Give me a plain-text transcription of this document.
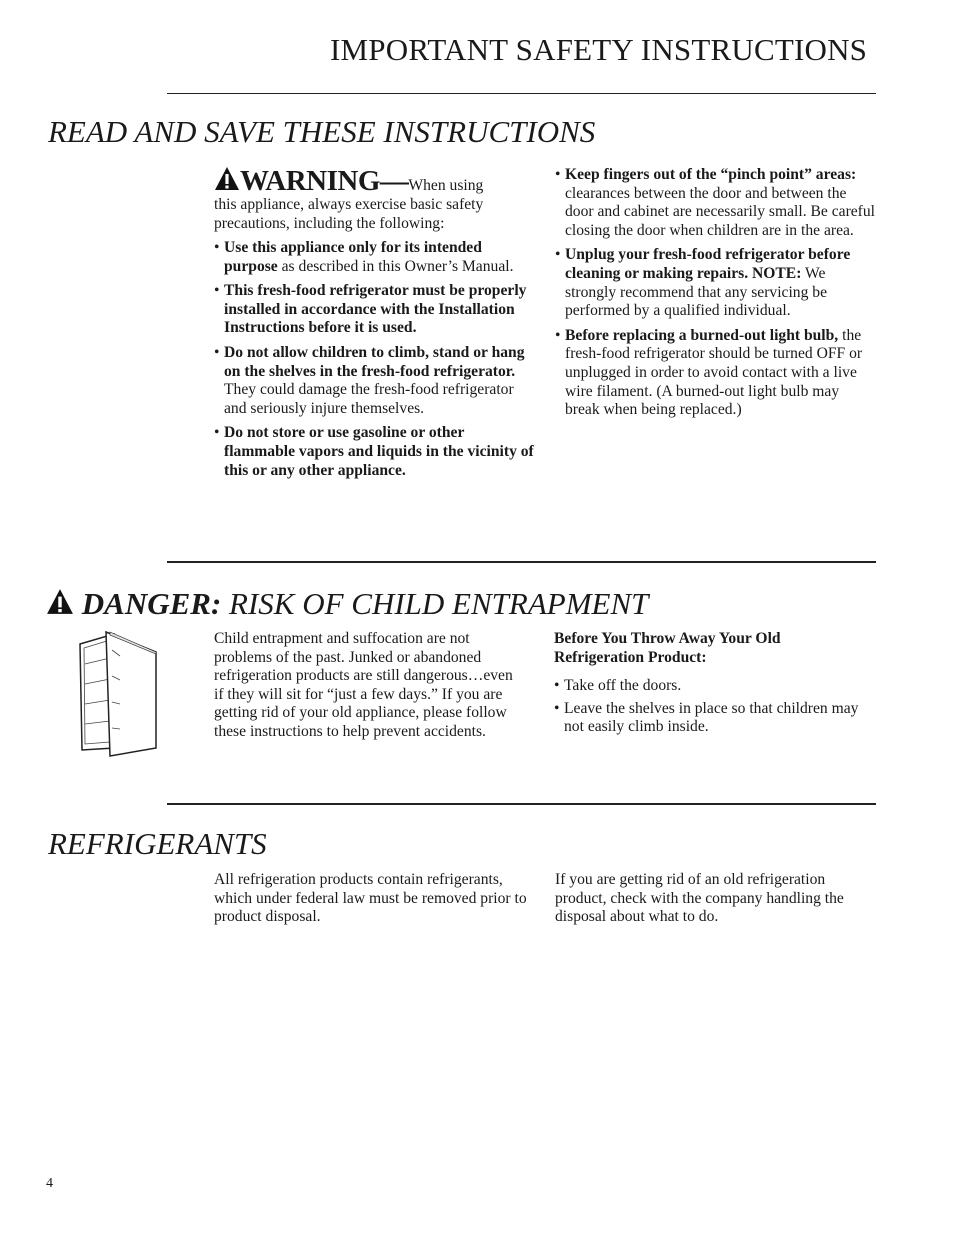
IMPORTANT SAFETY INSTRUCTIONS
READ AND SAVE THESE INSTRUCTIONS

WARNING—When using
this appliance, always exercise basic safety precautions, including the following:

• Use this appliance only for its intended purpose as described in this Owner’s Manual.
• This fresh-food refrigerator must be properly installed in accordance with the Installation Instructions before it is used.
• Do not allow children to climb, stand or hang on the shelves in the fresh-food refrigerator. They could damage the fresh-food refrigerator and seriously injure themselves.
• Do not store or use gasoline or other flammable vapors and liquids in the vicinity of this or any other appliance.
• Keep fingers out of the “pinch point” areas: clearances between the door and between the door and cabinet are necessarily small. Be careful closing the door when children are in the area.
• Unplug your fresh-food refrigerator before cleaning or making repairs. NOTE: We strongly recommend that any servicing be performed by a qualified individual.
• Before replacing a burned-out light bulb, the fresh-food refrigerator should be turned OFF or unplugged in order to avoid contact with a live wire filament. (A burned-out light bulb may break when being replaced.)
DANGER: RISK OF CHILD ENTRAPMENT

Child entrapment and suffocation are not problems of the past. Junked or abandoned refrigeration products are still dangerous…even if they will sit for “just a few days.” If you are getting rid of your old appliance, please follow these instructions to help prevent accidents.

Before You Throw Away Your Old Refrigeration Product:

• Take off the doors.
• Leave the shelves in place so that children may not easily climb inside.
REFRIGERANTS

All refrigeration products contain refrigerants, which under federal law must be removed prior to product disposal.

If you are getting rid of an old refrigeration product, check with the company handling the disposal about what to do.

4
